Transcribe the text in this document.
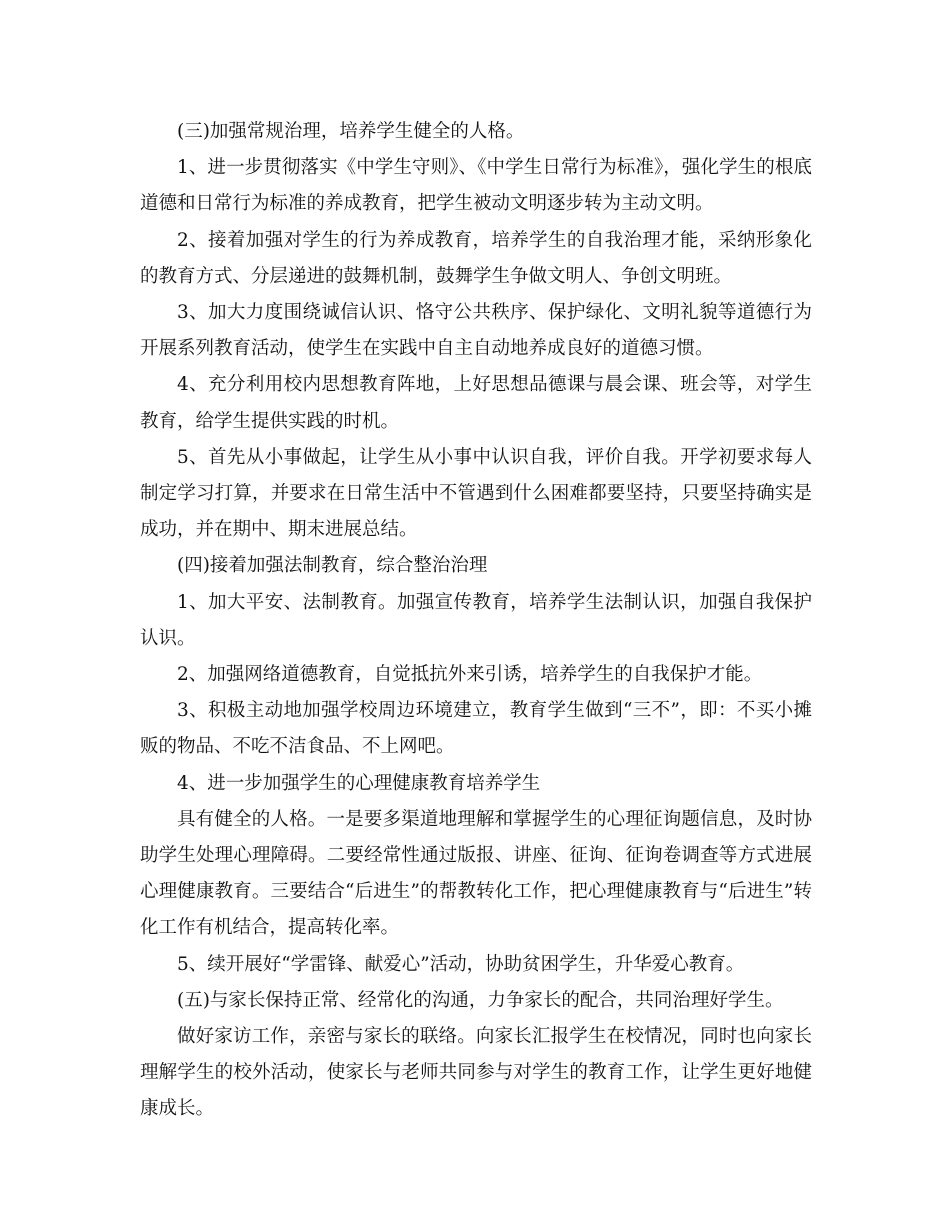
(三)加强常规治理，培养学生健全的人格。

1、进一步贯彻落实《中学生守则》、《中学生日常行为标准》，强化学生的根底道德和日常行为标准的养成教育，把学生被动文明逐步转为主动文明。

2、接着加强对学生的行为养成教育，培养学生的自我治理才能，采纳形象化的教育方式、分层递进的鼓舞机制，鼓舞学生争做文明人、争创文明班。

3、加大力度围绕诚信认识、恪守公共秩序、保护绿化、文明礼貌等道德行为开展系列教育活动，使学生在实践中自主自动地养成良好的道德习惯。

4、充分利用校内思想教育阵地，上好思想品德课与晨会课、班会等，对学生教育，给学生提供实践的时机。

5、首先从小事做起，让学生从小事中认识自我，评价自我。开学初要求每人制定学习打算，并要求在日常生活中不管遇到什么困难都要坚持，只要坚持确实是成功，并在期中、期末进展总结。

(四)接着加强法制教育，综合整治治理

1、加大平安、法制教育。加强宣传教育，培养学生法制认识，加强自我保护认识。

2、加强网络道德教育，自觉抵抗外来引诱，培养学生的自我保护才能。

3、积极主动地加强学校周边环境建立，教育学生做到“三不”，即：不买小摊贩的物品、不吃不洁食品、不上网吧。

4、进一步加强学生的心理健康教育培养学生

具有健全的人格。一是要多渠道地理解和掌握学生的心理征询题信息，及时协助学生处理心理障碍。二要经常性通过版报、讲座、征询、征询卷调查等方式进展心理健康教育。三要结合“后进生”的帮教转化工作，把心理健康教育与“后进生”转化工作有机结合，提高转化率。

5、续开展好“学雷锋、献爱心”活动，协助贫困学生，升华爱心教育。

(五)与家长保持正常、经常化的沟通，力争家长的配合，共同治理好学生。

做好家访工作，亲密与家长的联络。向家长汇报学生在校情况，同时也向家长理解学生的校外活动，使家长与老师共同参与对学生的教育工作，让学生更好地健康成长。
